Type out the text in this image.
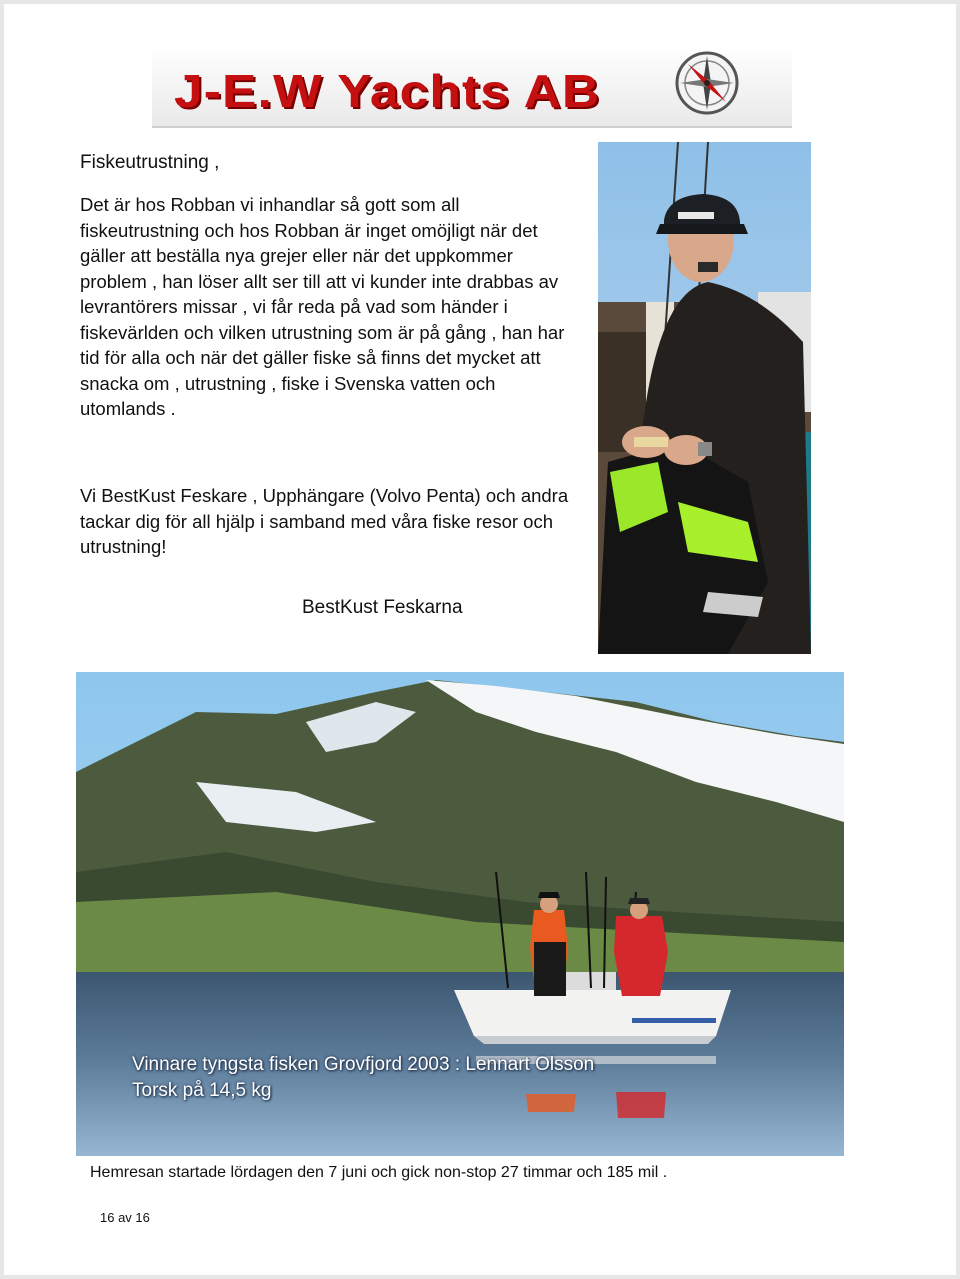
J-E.W Yachts AB
Fiskeutrustning ,

Det är hos Robban vi inhandlar så gott som all fiskeutrustning och hos Robban är inget omöjligt när det gäller att beställa nya grejer eller när det uppkommer problem , han löser allt ser till att vi kunder inte drabbas av levrantörers missar , vi får reda på vad som händer i fiskevärlden och vilken utrustning som är på gång , han har tid för alla och när det gäller fiske så finns det mycket att snacka om , utrustning , fiske i Svenska vatten och utomlands .

Vi BestKust Feskare , Upphängare (Volvo Penta) och andra tackar dig för all hjälp i samband med våra fiske resor och utrustning!

BestKust Feskarna
Vinnare tyngsta fisken Grovfjord 2003 : Lennart Olsson
Torsk på 14,5 kg
Hemresan startade lördagen den 7 juni och gick non-stop 27 timmar och 185 mil .
16 av 16
